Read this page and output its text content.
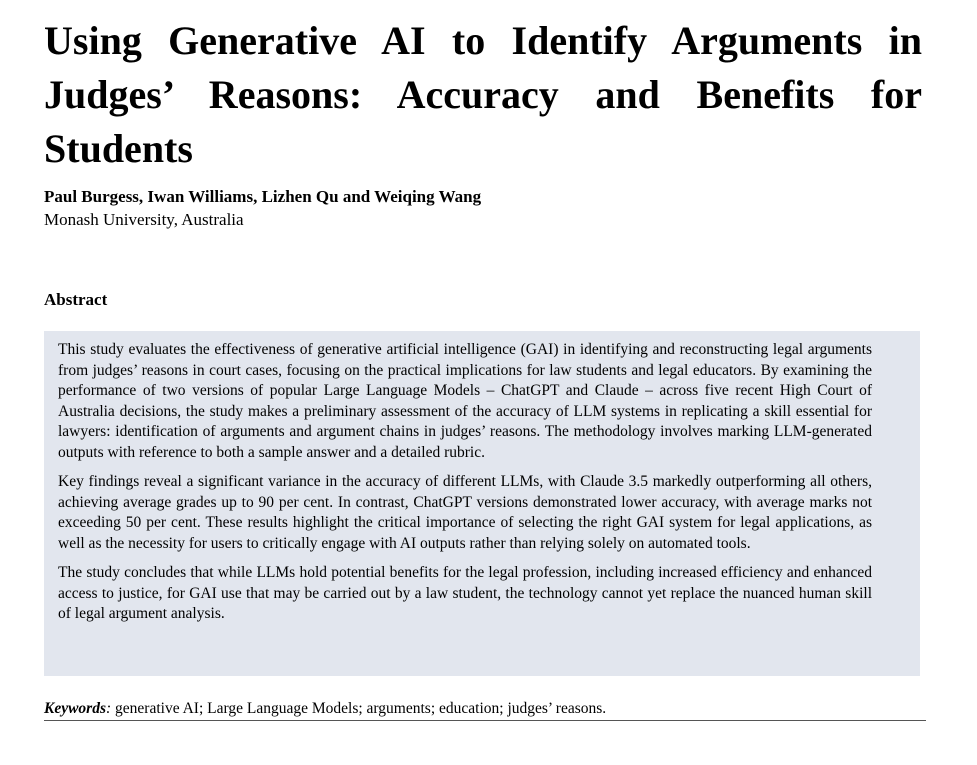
Using Generative AI to Identify Arguments in Judges’ Reasons: Accuracy and Benefits for Students

Paul Burgess, Iwan Williams, Lizhen Qu and Weiqing Wang

Monash University, Australia

Abstract

This study evaluates the effectiveness of generative artificial intelligence (GAI) in identifying and reconstructing legal arguments from judges’ reasons in court cases, focusing on the practical implications for law students and legal educators. By examining the performance of two versions of popular Large Language Models – ChatGPT and Claude – across five recent High Court of Australia decisions, the study makes a preliminary assessment of the accuracy of LLM systems in replicating a skill essential for lawyers: identification of arguments and argument chains in judges’ reasons. The methodology involves marking LLM-generated outputs with reference to both a sample answer and a detailed rubric.

Key findings reveal a significant variance in the accuracy of different LLMs, with Claude 3.5 markedly outperforming all others, achieving average grades up to 90 per cent. In contrast, ChatGPT versions demonstrated lower accuracy, with average marks not exceeding 50 per cent. These results highlight the critical importance of selecting the right GAI system for legal applications, as well as the necessity for users to critically engage with AI outputs rather than relying solely on automated tools.

The study concludes that while LLMs hold potential benefits for the legal profession, including increased efficiency and enhanced access to justice, for GAI use that may be carried out by a law student, the technology cannot yet replace the nuanced human skill of legal argument analysis.

Keywords: generative AI; Large Language Models; arguments; education; judges’ reasons.
